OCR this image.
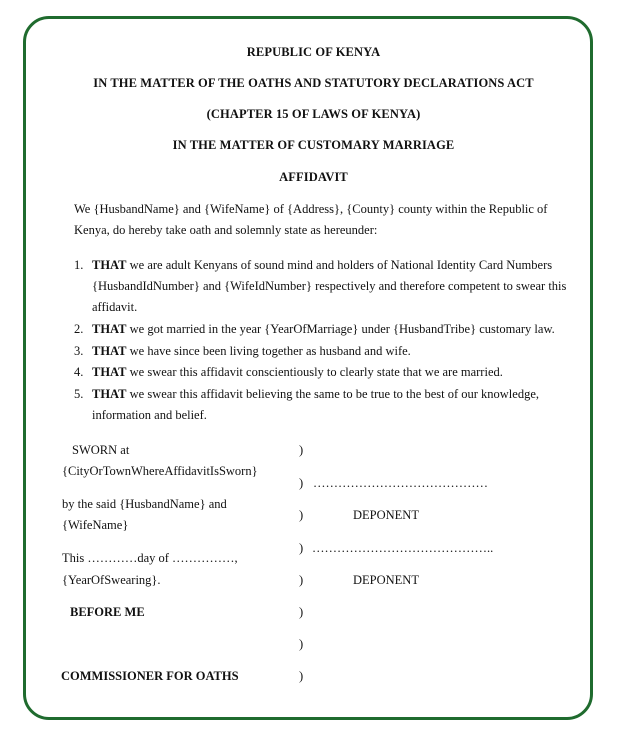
REPUBLIC OF KENYA
IN THE MATTER OF THE OATHS AND STATUTORY DECLARATIONS ACT
(CHAPTER 15 OF LAWS OF KENYA)
IN THE MATTER OF CUSTOMARY MARRIAGE
AFFIDAVIT
We {HusbandName} and {WifeName} of {Address}, {County} county within the Republic of
Kenya, do hereby take oath and solemnly state as hereunder:
1. THAT we are adult Kenyans of sound mind and holders of National Identity Card Numbers
{HusbandIdNumber} and {WifeIdNumber} respectively and therefore competent to swear this
affidavit.
2. THAT we got married in the year {YearOfMarriage} under {HusbandTribe} customary law.
3. THAT we have since been living together as husband and wife.
4. THAT we swear this affidavit conscientiously to clearly state that we are married.
5. THAT we swear this affidavit believing the same to be true to the best of our knowledge,
information and belief.
SWORN at
{CityOrTownWhereAffidavitIsSworn}
by the said {HusbandName} and
{WifeName}
This …………day of ……………,
{YearOfSwearing}.
BEFORE ME
COMMISSIONER FOR OATHS
)
)
)
)
)
)
)
)
……………………………………
DEPONENT
……………………………………..
DEPONENT
